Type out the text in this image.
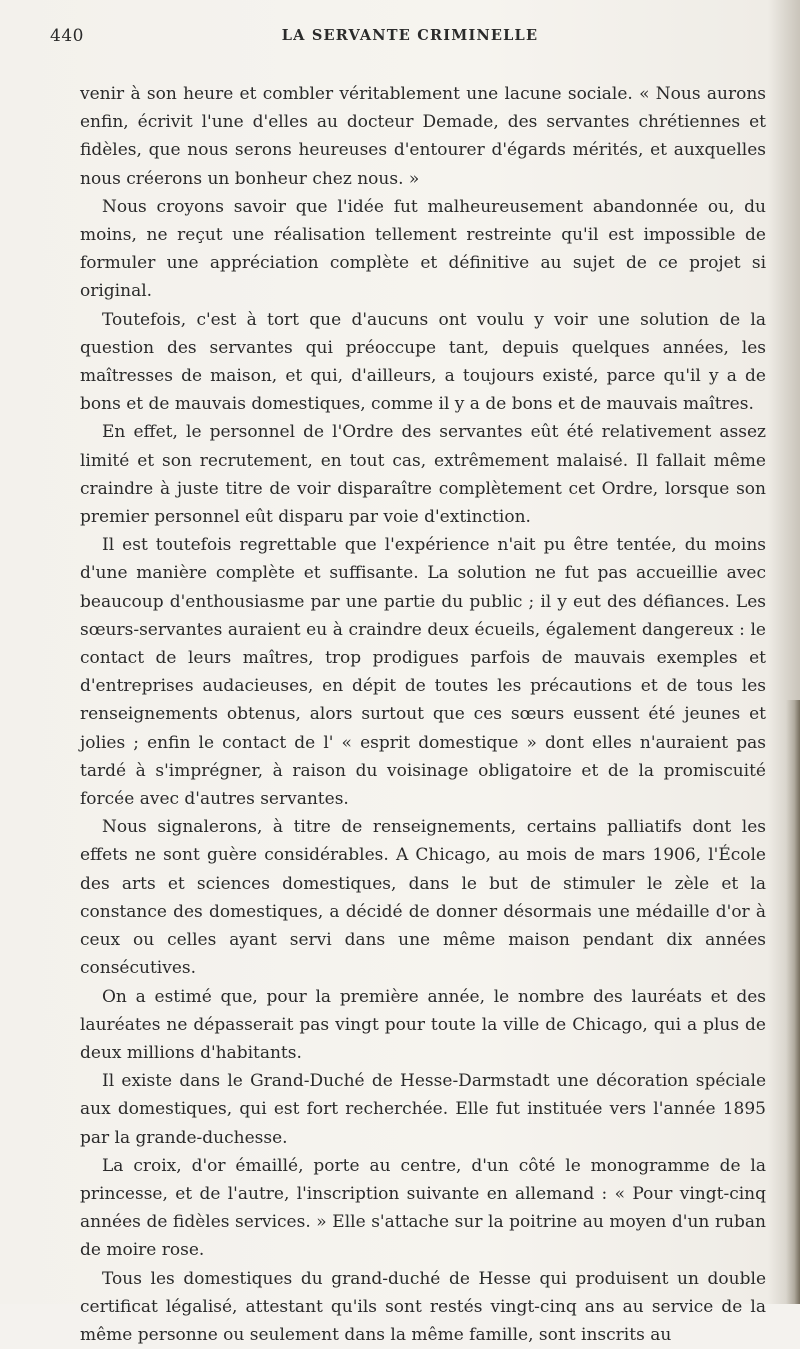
440	LA SERVANTE CRIMINELLE

venir à son heure et combler véritablement une lacune sociale. « Nous aurons enfin, écrivit l'une d'elles au docteur Demade, des servantes chrétiennes et fidèles, que nous serons heureuses d'entourer d'égards mérités, et auxquelles nous créerons un bonheur chez nous. »

Nous croyons savoir que l'idée fut malheureusement abandonnée ou, du moins, ne reçut une réalisation tellement restreinte qu'il est impossible de formuler une appréciation complète et définitive au sujet de ce projet si original.

Toutefois, c'est à tort que d'aucuns ont voulu y voir une solution de la question des servantes qui préoccupe tant, depuis quelques années, les maîtresses de maison, et qui, d'ailleurs, a toujours existé, parce qu'il y a de bons et de mauvais domestiques, comme il y a de bons et de mauvais maîtres.

En effet, le personnel de l'Ordre des servantes eût été relativement assez limité et son recrutement, en tout cas, extrêmement malaisé. Il fallait même craindre à juste titre de voir disparaître complètement cet Ordre, lorsque son premier personnel eût disparu par voie d'extinction.

Il est toutefois regrettable que l'expérience n'ait pu être tentée, du moins d'une manière complète et suffisante. La solution ne fut pas accueillie avec beaucoup d'enthousiasme par une partie du public ; il y eut des défiances. Les sœurs-servantes auraient eu à craindre deux écueils, également dangereux : le contact de leurs maîtres, trop prodigues parfois de mauvais exemples et d'entreprises audacieuses, en dépit de toutes les précautions et de tous les renseignements obtenus, alors surtout que ces sœurs eussent été jeunes et jolies ; enfin le contact de l' « esprit domestique » dont elles n'auraient pas tardé à s'imprégner, à raison du voisinage obligatoire et de la promiscuité forcée avec d'autres servantes.

Nous signalerons, à titre de renseignements, certains palliatifs dont les effets ne sont guère considérables. A Chicago, au mois de mars 1906, l'École des arts et sciences domestiques, dans le but de stimuler le zèle et la constance des domestiques, a décidé de donner désormais une médaille d'or à ceux ou celles ayant servi dans une même maison pendant dix années consécutives.

On a estimé que, pour la première année, le nombre des lauréats et des lauréates ne dépasserait pas vingt pour toute la ville de Chicago, qui a plus de deux millions d'habitants.

Il existe dans le Grand-Duché de Hesse-Darmstadt une décoration spéciale aux domestiques, qui est fort recherchée. Elle fut instituée vers l'année 1895 par la grande-duchesse.

La croix, d'or émaillé, porte au centre, d'un côté le monogramme de la princesse, et de l'autre, l'inscription suivante en allemand : « Pour vingt-cinq années de fidèles services. » Elle s'attache sur la poitrine au moyen d'un ruban de moire rose.

Tous les domestiques du grand-duché de Hesse qui produisent un double certificat légalisé, attestant qu'ils sont restés vingt-cinq ans au service de la même personne ou seulement dans la même famille, sont inscrits au
